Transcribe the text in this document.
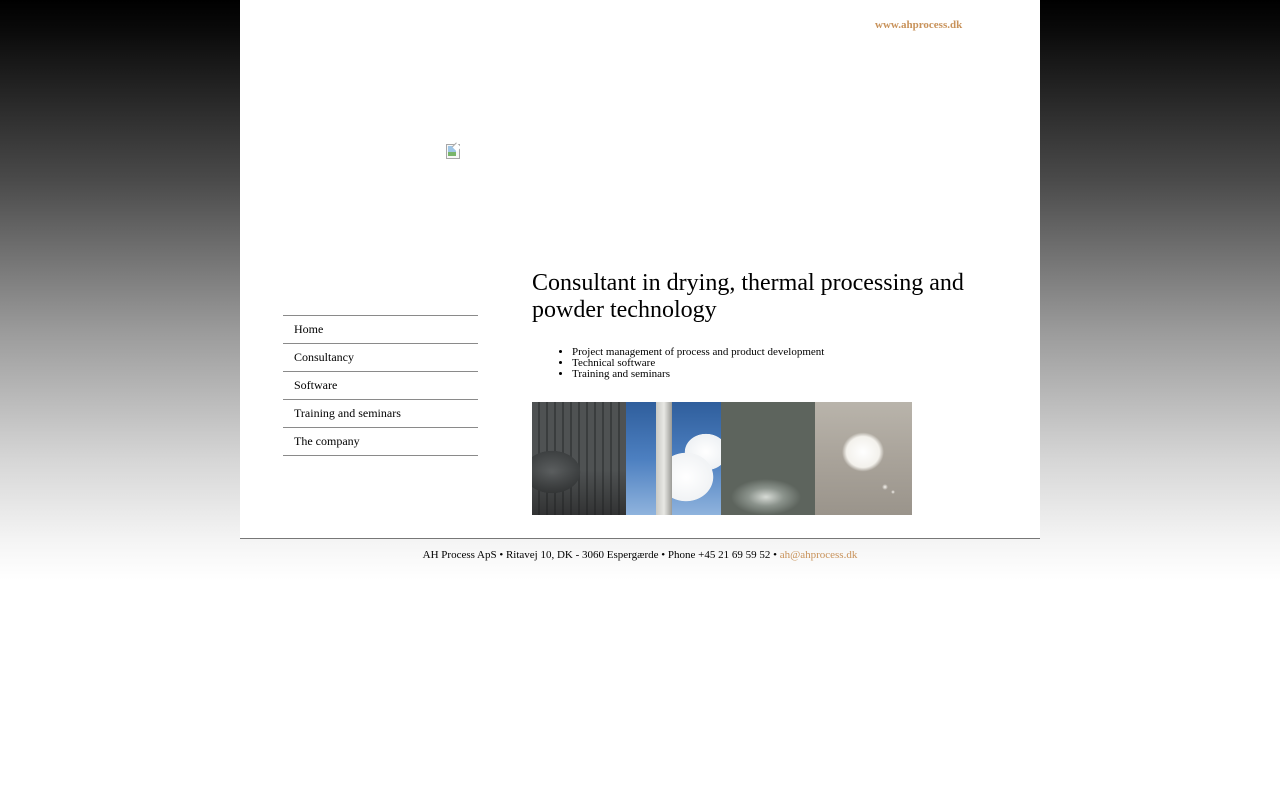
www.ahprocess.dk
Home
Consultancy
Software
Training and seminars
The company
Consultant in drying, thermal processing and powder technology
• Project management of process and product development
• Technical software
• Training and seminars
AH Process ApS • Ritavej 10, DK - 3060 Espergærde • Phone +45 21 69 59 52 • ah@ahprocess.dk
